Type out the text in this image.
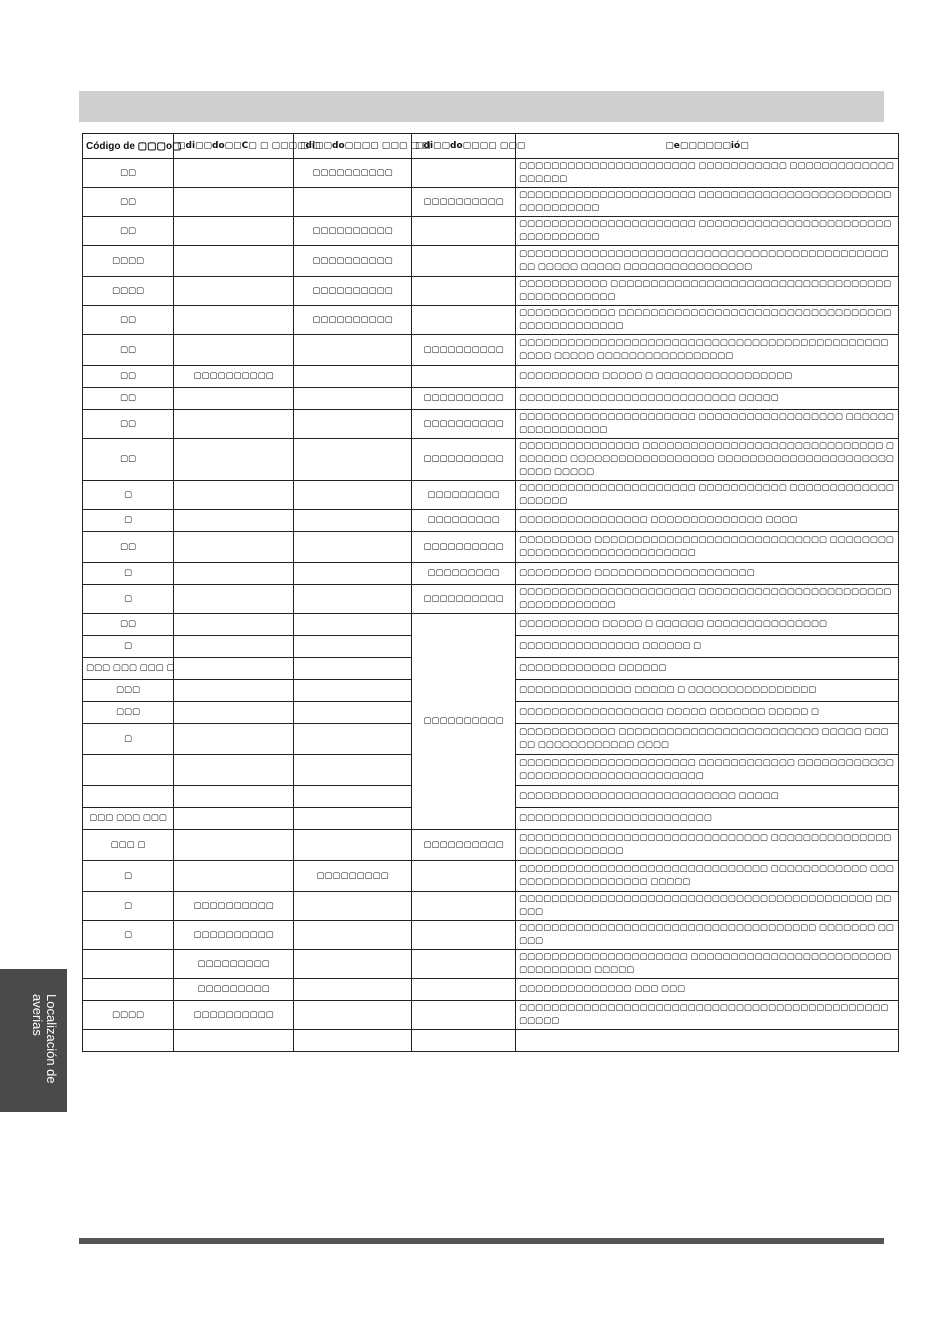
Código de ▢▢▢o▢	▢di▢▢do▢▢C▢ ▢ ▢▢▢ ▢ ▢	▢di▢▢do▢▢▢▢ ▢▢▢ ▢ ▢	▢di▢▢do▢▢▢▢ ▢▢▢	▢e▢▢▢▢▢▢ió▢
▢▢		▢▢▢▢▢▢▢▢▢▢		▢▢▢▢▢▢▢▢▢▢▢▢▢▢▢▢▢▢▢▢▢▢ ▢▢▢▢▢▢▢▢▢▢▢ ▢▢▢▢▢▢▢▢▢▢▢▢▢▢▢▢▢▢▢
▢▢			▢▢▢▢▢▢▢▢▢▢	▢▢▢▢▢▢▢▢▢▢▢▢▢▢▢▢▢▢▢▢▢▢ ▢▢▢▢▢▢▢▢▢▢▢▢▢▢▢▢▢▢▢▢▢▢▢▢▢▢▢▢▢▢▢▢▢▢
▢▢		▢▢▢▢▢▢▢▢▢▢		▢▢▢▢▢▢▢▢▢▢▢▢▢▢▢▢▢▢▢▢▢▢ ▢▢▢▢▢▢▢▢▢▢▢▢▢▢▢▢▢▢▢▢▢▢▢▢▢▢▢▢▢▢▢▢▢▢
▢▢▢▢		▢▢▢▢▢▢▢▢▢▢		▢▢▢▢▢▢▢▢▢▢▢▢▢▢▢▢▢▢▢▢▢▢▢▢▢▢▢▢▢▢▢▢▢▢▢▢▢▢▢▢▢▢▢▢▢▢▢▢ ▢▢▢▢▢ ▢▢▢▢▢ ▢▢▢▢▢▢▢▢▢▢▢▢▢▢▢▢
▢▢▢▢		▢▢▢▢▢▢▢▢▢▢		▢▢▢▢▢▢▢▢▢▢▢ ▢▢▢▢▢▢▢▢▢▢▢▢▢▢▢▢▢▢▢▢▢▢▢▢▢▢▢▢▢▢▢▢▢▢▢▢▢▢▢▢▢▢▢▢▢▢▢
▢▢		▢▢▢▢▢▢▢▢▢▢		▢▢▢▢▢▢▢▢▢▢▢▢ ▢▢▢▢▢▢▢▢▢▢▢▢▢▢▢▢▢▢▢▢▢▢▢▢▢▢▢▢▢▢▢▢▢▢▢▢▢▢▢▢▢▢▢▢▢▢▢
▢▢			▢▢▢▢▢▢▢▢▢▢	▢▢▢▢▢▢▢▢▢▢▢▢▢▢▢▢▢▢▢▢▢▢▢▢▢▢▢▢▢▢▢▢▢▢▢▢▢▢▢▢▢▢▢▢▢▢▢▢▢▢ ▢▢▢▢▢ ▢▢▢▢▢▢▢▢▢▢▢▢▢▢▢▢▢
▢▢	▢▢▢▢▢▢▢▢▢▢			▢▢▢▢▢▢▢▢▢▢ ▢▢▢▢▢ ▢ ▢▢▢▢▢▢▢▢▢▢▢▢▢▢▢▢▢
▢▢			▢▢▢▢▢▢▢▢▢▢	▢▢▢▢▢▢▢▢▢▢▢▢▢▢▢▢▢▢▢▢▢▢▢▢▢▢▢ ▢▢▢▢▢
▢▢			▢▢▢▢▢▢▢▢▢▢	▢▢▢▢▢▢▢▢▢▢▢▢▢▢▢▢▢▢▢▢▢▢ ▢▢▢▢▢▢▢▢▢▢▢▢▢▢▢▢▢▢ ▢▢▢▢▢▢▢▢▢▢▢▢▢▢▢▢▢
▢▢			▢▢▢▢▢▢▢▢▢▢	▢▢▢▢▢▢▢▢▢▢▢▢▢▢▢ ▢▢▢▢▢▢▢▢▢▢▢▢▢▢▢▢▢▢▢▢▢▢▢▢▢▢▢▢▢▢ ▢▢▢▢▢▢▢ ▢▢▢▢▢▢▢▢▢▢▢▢▢▢▢▢▢▢ ▢▢▢▢▢▢▢▢▢▢▢▢▢▢▢▢▢▢▢▢▢▢▢▢▢▢ ▢▢▢▢▢
▢			▢▢▢▢▢▢▢▢▢	▢▢▢▢▢▢▢▢▢▢▢▢▢▢▢▢▢▢▢▢▢▢ ▢▢▢▢▢▢▢▢▢▢▢ ▢▢▢▢▢▢▢▢▢▢▢▢▢▢▢▢▢▢▢
▢			▢▢▢▢▢▢▢▢▢	▢▢▢▢▢▢▢▢▢▢▢▢▢▢▢▢ ▢▢▢▢▢▢▢▢▢▢▢▢▢▢ ▢▢▢▢
▢▢			▢▢▢▢▢▢▢▢▢▢	▢▢▢▢▢▢▢▢▢ ▢▢▢▢▢▢▢▢▢▢▢▢▢▢▢▢▢▢▢▢▢▢▢▢▢▢▢▢▢ ▢▢▢▢▢▢▢▢▢▢▢▢▢▢▢▢▢▢▢▢▢▢▢▢▢▢▢▢▢▢
▢			▢▢▢▢▢▢▢▢▢	▢▢▢▢▢▢▢▢▢ ▢▢▢▢▢▢▢▢▢▢▢▢▢▢▢▢▢▢▢▢
▢			▢▢▢▢▢▢▢▢▢▢	▢▢▢▢▢▢▢▢▢▢▢▢▢▢▢▢▢▢▢▢▢▢ ▢▢▢▢▢▢▢▢▢▢▢▢▢▢▢▢▢▢▢▢▢▢▢▢▢▢▢▢▢▢▢▢▢▢▢▢
▢▢			▢▢▢▢▢▢▢▢▢▢	▢▢▢▢▢▢▢▢▢▢ ▢▢▢▢▢ ▢ ▢▢▢▢▢▢ ▢▢▢▢▢▢▢▢▢▢▢▢▢▢▢
▢				▢▢▢▢▢▢▢▢▢▢▢▢▢▢▢ ▢▢▢▢▢▢ ▢
▢▢▢ ▢▢▢ ▢▢▢ ▢				▢▢▢▢▢▢▢▢▢▢▢▢ ▢▢▢▢▢▢
▢▢▢				▢▢▢▢▢▢▢▢▢▢▢▢▢▢ ▢▢▢▢▢ ▢ ▢▢▢▢▢▢▢▢▢▢▢▢▢▢▢▢
▢▢▢				▢▢▢▢▢▢▢▢▢▢▢▢▢▢▢▢▢▢ ▢▢▢▢▢ ▢▢▢▢▢▢▢ ▢▢▢▢▢ ▢
▢				▢▢▢▢▢▢▢▢▢▢▢▢ ▢▢▢▢▢▢▢▢▢▢▢▢▢▢▢▢▢▢▢▢▢▢▢▢▢ ▢▢▢▢▢ ▢▢▢▢▢ ▢▢▢▢▢▢▢▢▢▢▢▢ ▢▢▢▢
				▢▢▢▢▢▢▢▢▢▢▢▢▢▢▢▢▢▢▢▢▢▢ ▢▢▢▢▢▢▢▢▢▢▢▢ ▢▢▢▢▢▢▢▢▢▢▢▢▢▢▢▢▢▢▢▢▢▢▢▢▢▢▢▢▢▢▢▢▢▢▢
				▢▢▢▢▢▢▢▢▢▢▢▢▢▢▢▢▢▢▢▢▢▢▢▢▢▢▢ ▢▢▢▢▢
▢▢▢ ▢▢▢ ▢▢▢				▢▢▢▢▢▢▢▢▢▢▢▢▢▢▢▢▢▢▢▢▢▢▢▢
▢▢▢ ▢			▢▢▢▢▢▢▢▢▢▢	▢▢▢▢▢▢▢▢▢▢▢▢▢▢▢▢▢▢▢▢▢▢▢▢▢▢▢▢▢▢▢ ▢▢▢▢▢▢▢▢▢▢▢▢▢▢▢▢▢▢▢▢▢▢▢▢▢▢▢▢
▢		▢▢▢▢▢▢▢▢▢		▢▢▢▢▢▢▢▢▢▢▢▢▢▢▢▢▢▢▢▢▢▢▢▢▢▢▢▢▢▢▢ ▢▢▢▢▢▢▢▢▢▢▢▢ ▢▢▢▢▢▢▢▢▢▢▢▢▢▢▢▢▢▢▢ ▢▢▢▢▢
▢	▢▢▢▢▢▢▢▢▢▢			▢▢▢▢▢▢▢▢▢▢▢▢▢▢▢▢▢▢▢▢▢▢▢▢▢▢▢▢▢▢▢▢▢▢▢▢▢▢▢▢▢▢▢▢ ▢▢ ▢▢▢
▢	▢▢▢▢▢▢▢▢▢▢			▢▢▢▢▢▢▢▢▢▢▢▢▢▢▢▢▢▢▢▢▢▢▢▢▢▢▢▢▢▢▢▢▢▢▢▢▢ ▢▢▢▢▢▢▢ ▢▢▢▢▢
	▢▢▢▢▢▢▢▢▢			▢▢▢▢▢▢▢▢▢▢▢▢▢▢▢▢▢▢▢▢▢ ▢▢▢▢▢▢▢▢▢▢▢▢▢▢▢▢▢▢▢▢▢▢▢▢▢▢▢▢▢▢▢▢▢▢ ▢▢▢▢▢
	▢▢▢▢▢▢▢▢▢			▢▢▢▢▢▢▢▢▢▢▢▢▢▢ ▢▢▢ ▢▢▢
▢▢▢▢	▢▢▢▢▢▢▢▢▢▢			▢▢▢▢▢▢▢▢▢▢▢▢▢▢▢▢▢▢▢▢▢▢▢▢▢▢▢▢▢▢▢▢▢▢▢▢▢▢▢▢▢▢▢▢▢▢▢▢▢▢▢

Localización de
averias
